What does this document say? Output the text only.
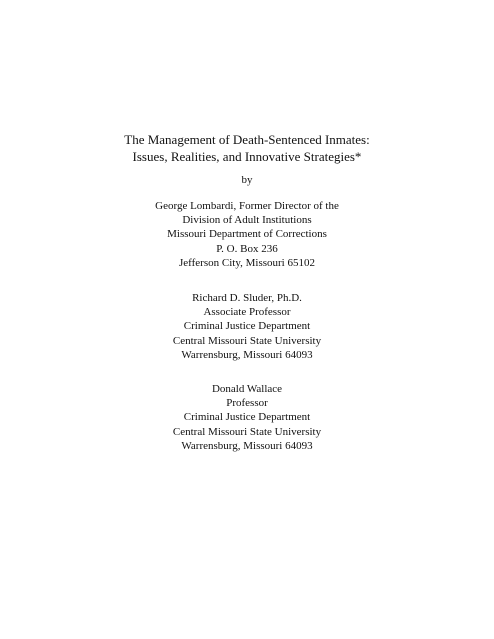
The Management of Death-Sentenced Inmates:
Issues, Realities, and Innovative Strategies*
by
George Lombardi, Former Director of the
Division of Adult Institutions
Missouri Department of Corrections
P. O. Box 236
Jefferson City, Missouri 65102
Richard D. Sluder, Ph.D.
Associate Professor
Criminal Justice Department
Central Missouri State University
Warrensburg, Missouri 64093
Donald Wallace
Professor
Criminal Justice Department
Central Missouri State University
Warrensburg, Missouri 64093
